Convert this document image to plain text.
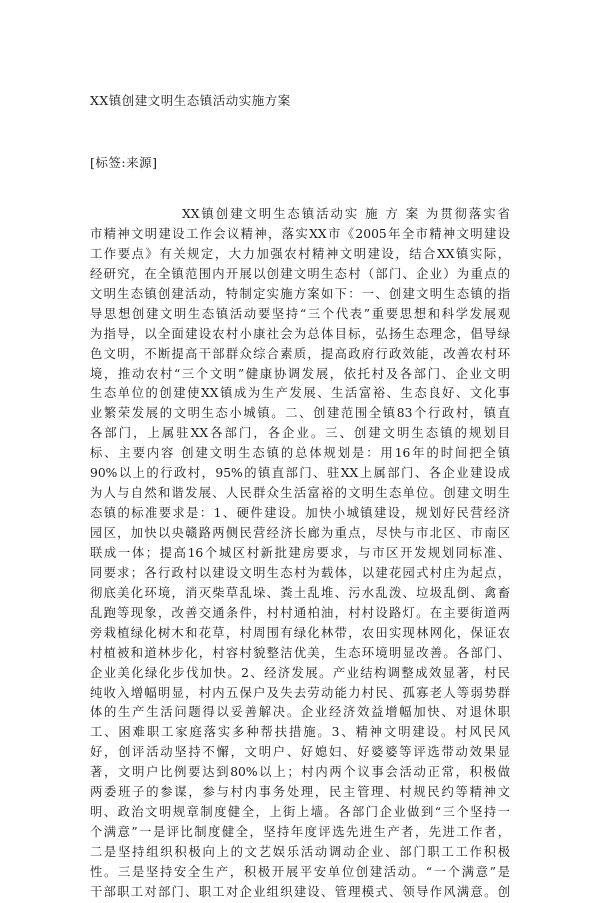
XX镇创建文明生态镇活动实施方案
[标签:来源]
XX镇创建文明生态镇活动实 施 方 案 为贯彻落实省
市精神文明建设工作会议精神，落实XX市《2005年全市精神文明建设
工作要点》有关规定，大力加强农村精神文明建设，结合XX镇实际，
经研究，在全镇范围内开展以创建文明生态村（部门、企业）为重点的
文明生态镇创建活动，特制定实施方案如下：一、创建文明生态镇的指
导思想创建文明生态镇活动要坚持“三个代表”重要思想和科学发展观
为指导，以全面建设农村小康社会为总体目标，弘扬生态理念，倡导绿
色文明，不断提高干部群众综合素质，提高政府行政效能，改善农村环
境，推动农村“三个文明”健康协调发展，依托村及各部门、企业文明
生态单位的创建使XX镇成为生产发展、生活富裕、生态良好、文化事
业繁荣发展的文明生态小城镇。二、创建范围全镇83个行政村，镇直
各部门，上属驻XX各部门，各企业。三、创建文明生态镇的规划目
标、主要内容 创建文明生态镇的总体规划是：用16年的时间把全镇
90%以上的行政村，95%的镇直部门、驻XX上属部门、各企业建设成
为人与自然和谐发展、人民群众生活富裕的文明生态单位。创建文明生
态镇的标准要求是：1、硬件建设。加快小城镇建设，规划好民营经济
园区，加快以央赣路两侧民营经济长廊为重点，尽快与市北区、市南区
联成一体；提高16个城区村新批建房要求，与市区开发规划同标准、
同要求；各行政村以建设文明生态村为载体，以建花园式村庄为起点，
彻底美化环境，消灭柴草乱垛、粪土乱堆、污水乱泼、垃圾乱倒、禽畜
乱跑等现象，改善交通条件，村村通柏油，村村设路灯。在主要街道两
旁栽植绿化树木和花草，村周围有绿化林带，农田实现林网化，保证农
村植被和道林步化，村容村貌整洁优美，生态环境明显改善。各部门、
企业美化绿化步伐加快。2、经济发展。产业结构调整成效显著，村民
纯收入增幅明显，村内五保户及失去劳动能力村民、孤寡老人等弱势群
体的生产生活问题得以妥善解决。企业经济效益增幅加快、对退休职
工、困难职工家庭落实多种帮扶措施。3、精神文明建设。村风民风
好，创评活动坚持不懈，文明户、好媳妇、好婆婆等评选带动效果显
著，文明户比例要达到80%以上；村内两个议事会活动正常，积极做
两委班子的参谋，参与村内事务处理，民主管理、村规民约等精神文
明、政治文明规章制度健全，上街上墙。各部门企业做到“三个坚持一
个满意”一是评比制度健全，坚持年度评选先进生产者，先进工作者，
二是坚持组织积极向上的文艺娱乐活动调动企业、部门职工工作积极
性。三是坚持安全生产，积极开展平安单位创建活动。“一个满意”是
干部职工对部门、职工对企业组织建设、管理模式、领导作风满意。创
